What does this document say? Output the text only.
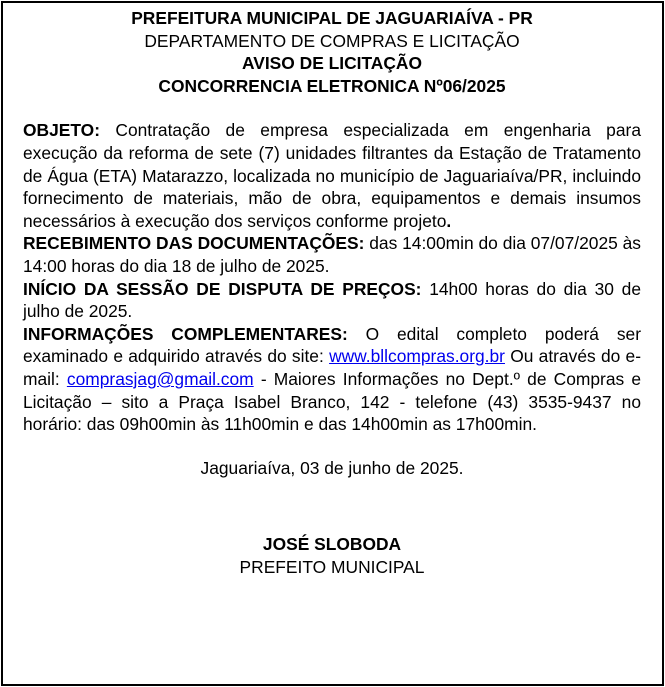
PREFEITURA MUNICIPAL DE JAGUARIAÍVA - PR
DEPARTAMENTO DE COMPRAS E LICITAÇÃO
AVISO DE LICITAÇÃO
CONCORRENCIA ELETRONICA Nº06/2025

OBJETO: Contratação de empresa especializada em engenharia para execução da reforma de sete (7) unidades filtrantes da Estação de Tratamento de Água (ETA) Matarazzo, localizada no município de Jaguariaíva/PR, incluindo fornecimento de materiais, mão de obra, equipamentos e demais insumos necessários à execução dos serviços conforme projeto.

RECEBIMENTO DAS DOCUMENTAÇÕES: das 14:00min do dia 07/07/2025 às 14:00 horas do dia 18 de julho de 2025.

INÍCIO DA SESSÃO DE DISPUTA DE PREÇOS: 14h00 horas do dia 30 de julho de 2025.

INFORMAÇÕES COMPLEMENTARES: O edital completo poderá ser examinado e adquirido através do site: www.bllcompras.org.br Ou através do e-mail: comprasjag@gmail.com - Maiores Informações no Dept.º de Compras e Licitação – sito a Praça Isabel Branco, 142 - telefone (43) 3535-9437 no horário: das 09h00min às 11h00min e das 14h00min as 17h00min.

Jaguariaíva, 03 de junho de 2025.
JOSÉ SLOBODA
PREFEITO MUNICIPAL
